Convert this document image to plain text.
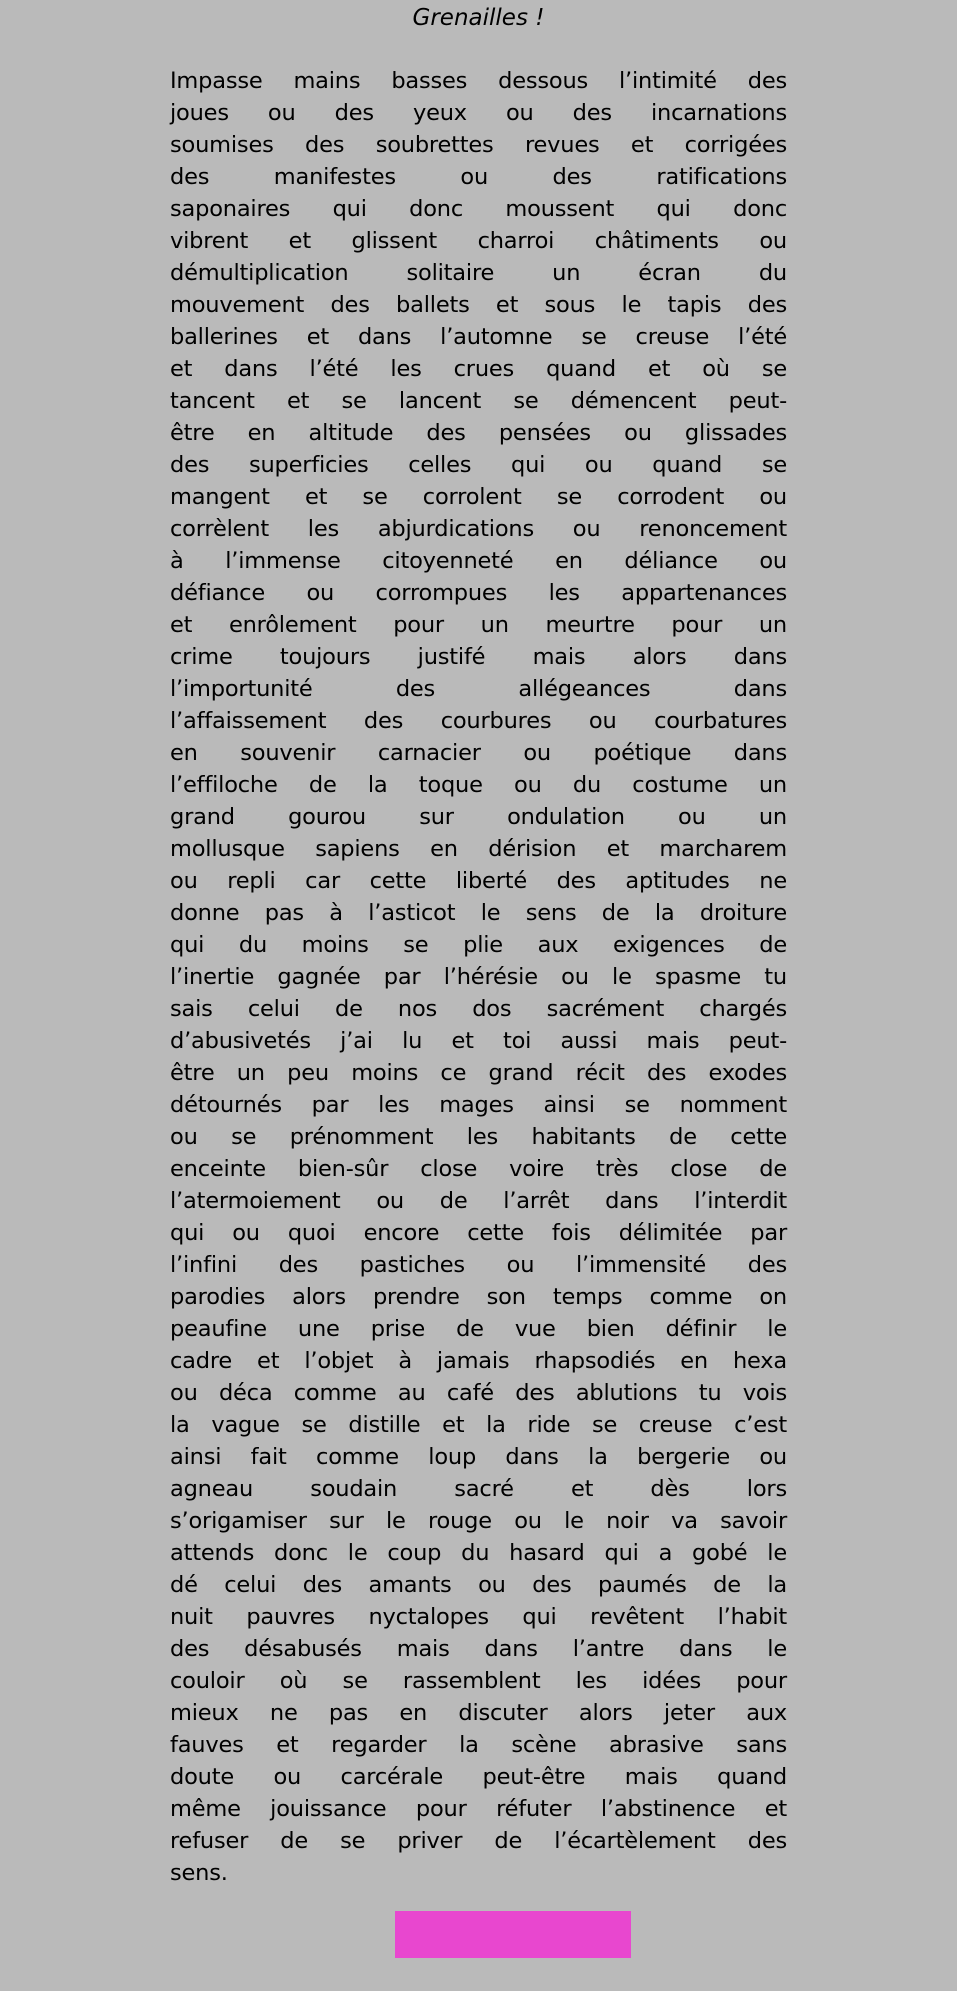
Grenailles !
Impasse mains basses dessous l’intimité des
joues ou des yeux ou des incarnations
soumises des soubrettes revues et corrigées
des manifestes ou des ratifications
saponaires qui donc moussent qui donc
vibrent et glissent charroi châtiments ou
démultiplication solitaire un écran du
mouvement des ballets et sous le tapis des
ballerines et dans l’automne se creuse l’été
et dans l’été les crues quand et où se
tancent et se lancent se démencent peut-
être en altitude des pensées ou glissades
des superficies celles qui ou quand se
mangent et se corrolent se corrodent ou
corrèlent les abjurdications ou renoncement
à l’immense citoyenneté en déliance ou
défiance ou corrompues les appartenances
et enrôlement pour un meurtre pour un
crime toujours justifé mais alors dans
l’importunité des allégeances dans
l’affaissement des courbures ou courbatures
en souvenir carnacier ou poétique dans
l’effiloche de la toque ou du costume un
grand gourou sur ondulation ou un
mollusque sapiens en dérision et marcharem
ou repli car cette liberté des aptitudes ne
donne pas à l’asticot le sens de la droiture
qui du moins se plie aux exigences de
l’inertie gagnée par l’hérésie ou le spasme tu
sais celui de nos dos sacrément chargés
d’abusivetés j’ai lu et toi aussi mais peut-
être un peu moins ce grand récit des exodes
détournés par les mages ainsi se nomment
ou se prénomment les habitants de cette
enceinte bien-sûr close voire très close de
l’atermoiement ou de l’arrêt dans l’interdit
qui ou quoi encore cette fois délimitée par
l’infini des pastiches ou l’immensité des
parodies alors prendre son temps comme on
peaufine une prise de vue bien définir le
cadre et l’objet à jamais rhapsodiés en hexa
ou déca comme au café des ablutions tu vois
la vague se distille et la ride se creuse c’est
ainsi fait comme loup dans la bergerie ou
agneau soudain sacré et dès lors
s’origamiser sur le rouge ou le noir va savoir
attends donc le coup du hasard qui a gobé le
dé celui des amants ou des paumés de la
nuit pauvres nyctalopes qui revêtent l’habit
des désabusés mais dans l’antre dans le
couloir où se rassemblent les idées pour
mieux ne pas en discuter alors jeter aux
fauves et regarder la scène abrasive sans
doute ou carcérale peut-être mais quand
même jouissance pour réfuter l’abstinence et
refuser de se priver de l’écartèlement des
sens.
